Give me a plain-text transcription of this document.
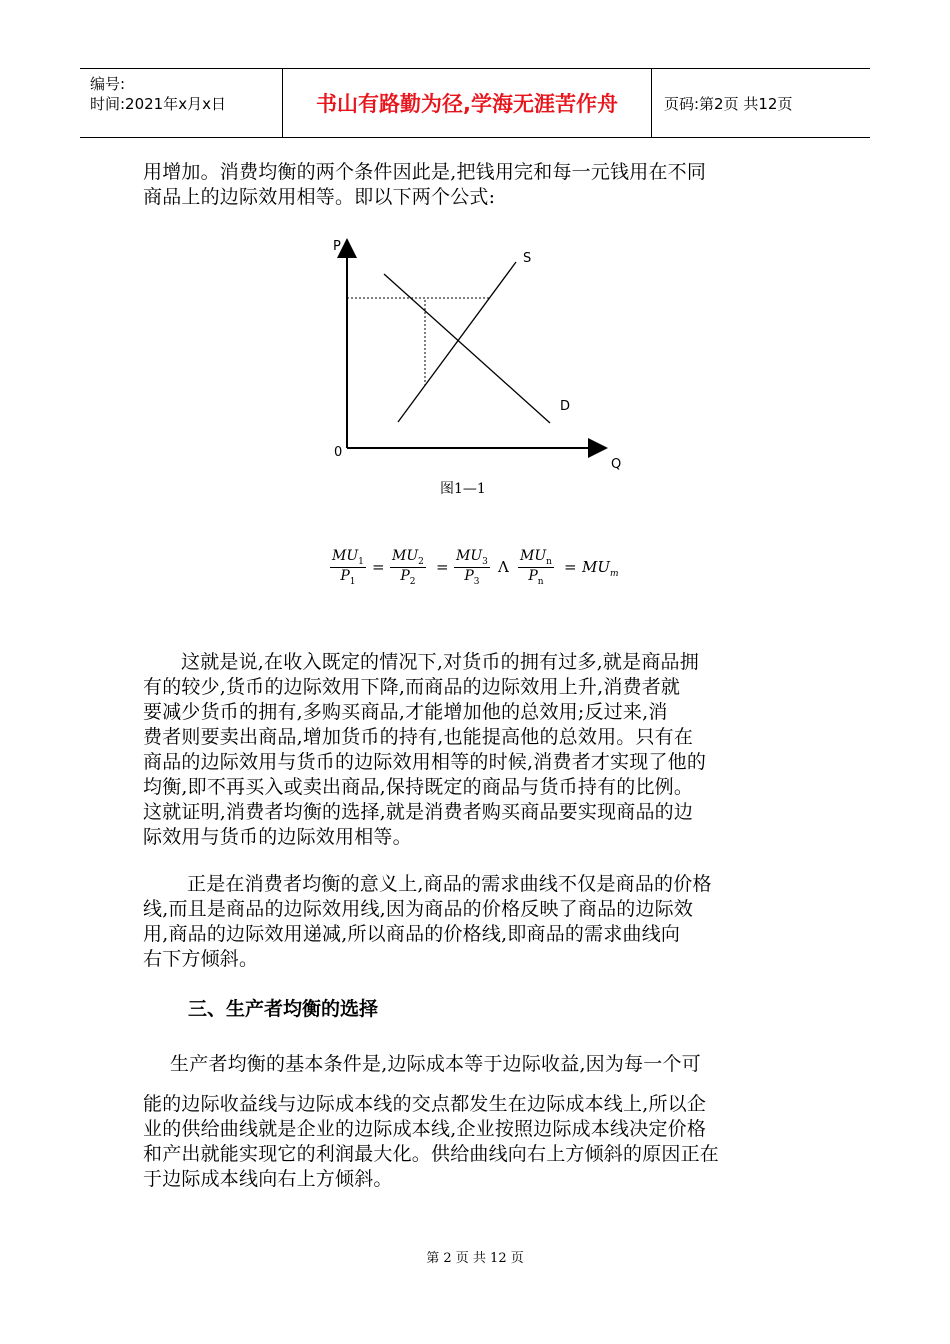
编号:
时间:2021年x月x日	书山有路勤为径,学海无涯苦作舟	页码:第2页 共12页
用增加。消费均衡的两个条件因此是,把钱用完和每一元钱用在不同
商品上的边际效用相等。即以下两个公式:
P
0
Q
S
D
图1—1
$\frac{MU_1}{P_1} = \frac{MU_2}{P_2} = \frac{MU_3}{P_3}$ Λ
$MU_n$
$P_n$
= $MU_m$
这就是说,在收入既定的情况下,对货币的拥有过多,就是商品拥
有的较少,货币的边际效用下降,而商品的边际效用上升,消费者就
要减少货币的拥有,多购买商品,才能增加他的总效用;反过来,消
费者则要卖出商品,增加货币的持有,也能提高他的总效用。只有在
商品的边际效用与货币的边际效用相等的时候,消费者才实现了他的
均衡,即不再买入或卖出商品,保持既定的商品与货币持有的比例。
这就证明,消费者均衡的选择,就是消费者购买商品要实现商品的边
际效用与货币的边际效用相等。
正是在消费者均衡的意义上,商品的需求曲线不仅是商品的价格
线,而且是商品的边际效用线,因为商品的价格反映了商品的边际效
用,商品的边际效用递减,所以商品的价格线,即商品的需求曲线向
右下方倾斜。
三、生产者均衡的选择
生产者均衡的基本条件是,边际成本等于边际收益,因为每一个可
能的边际收益线与边际成本线的交点都发生在边际成本线上,所以企
业的供给曲线就是企业的边际成本线,企业按照边际成本线决定价格
和产出就能实现它的利润最大化。供给曲线向右上方倾斜的原因正在
于边际成本线向右上方倾斜。
第 2 页 共 12 页
